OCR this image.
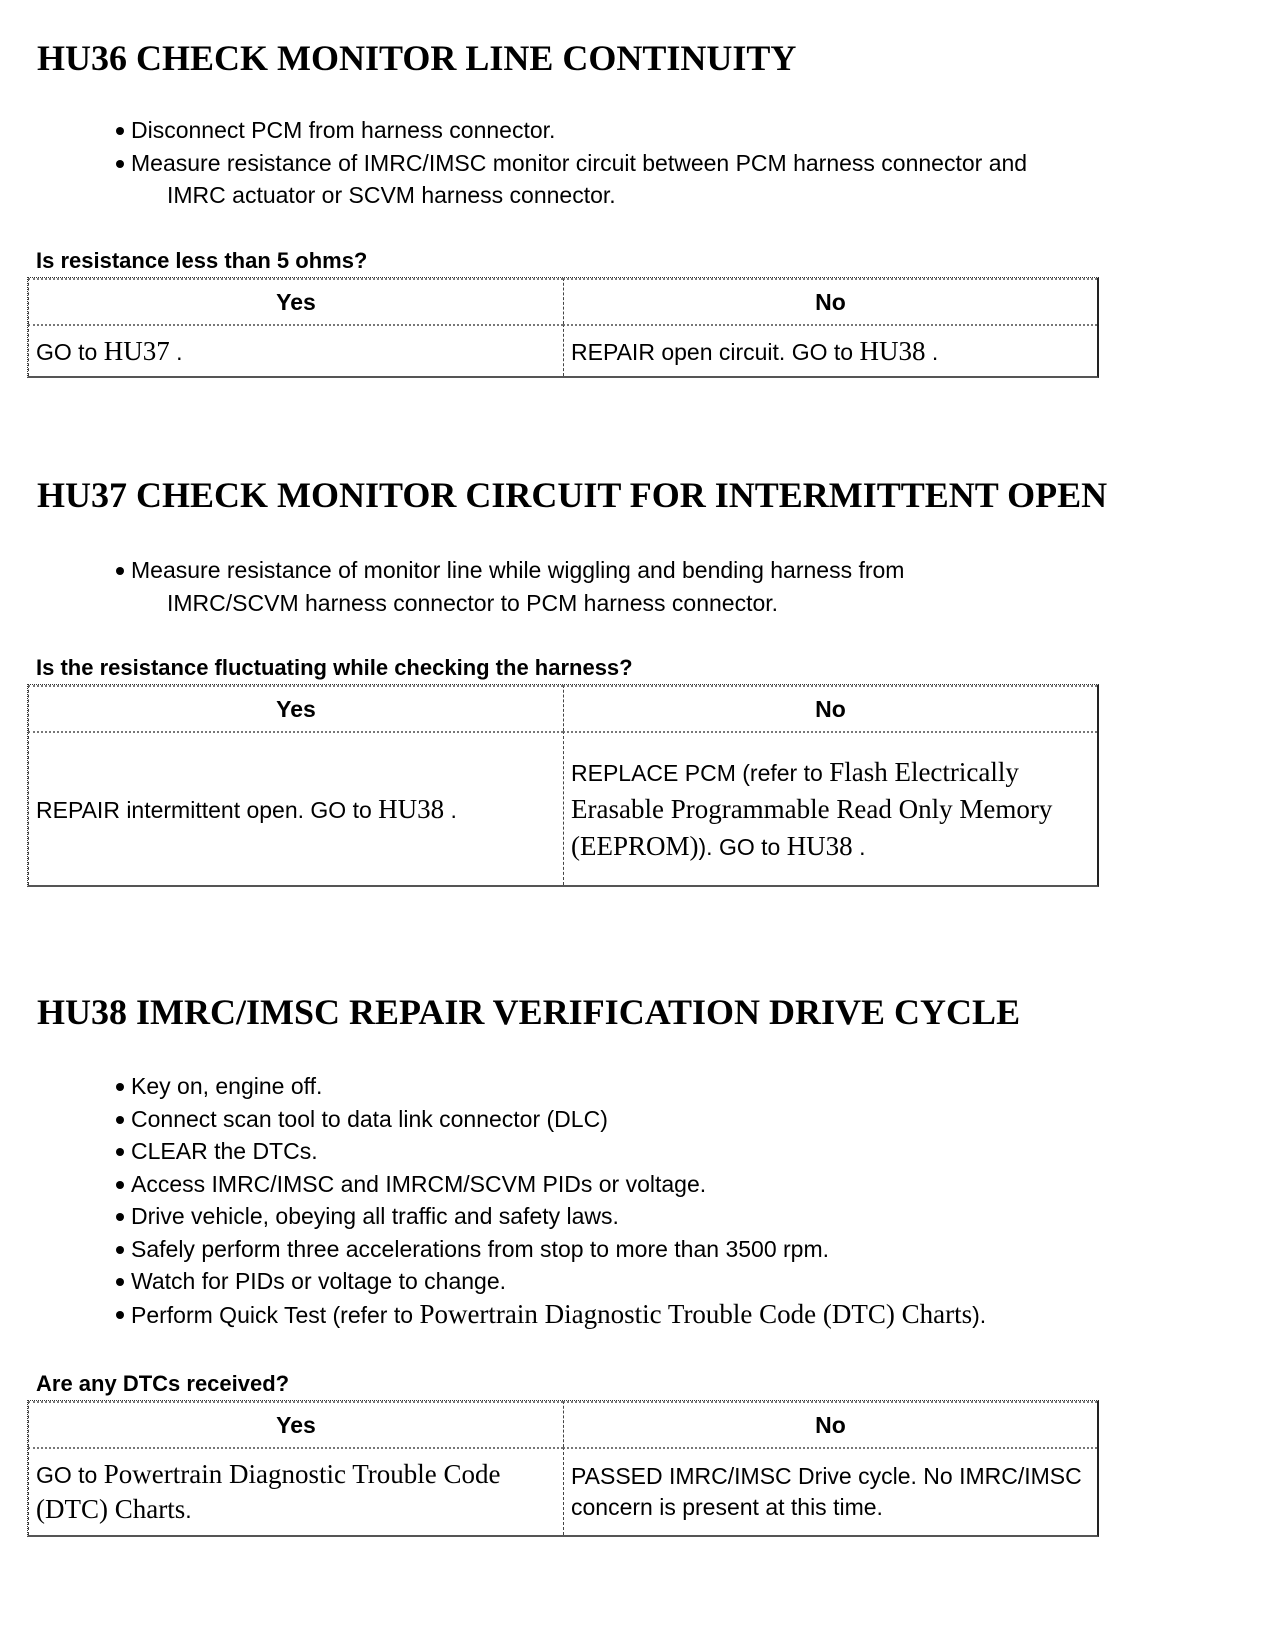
HU36 CHECK MONITOR LINE CONTINUITY
Disconnect PCM from harness connector.
Measure resistance of IMRC/IMSC monitor circuit between PCM harness connector and
IMRC actuator or SCVM harness connector.

Is resistance less than 5 ohms?

Yes	No
GO to HU37 .	REPAIR open circuit. GO to HU38 .
HU37 CHECK MONITOR CIRCUIT FOR INTERMITTENT OPEN
Measure resistance of monitor line while wiggling and bending harness from
IMRC/SCVM harness connector to PCM harness connector.

Is the resistance fluctuating while checking the harness?

Yes	No
REPAIR intermittent open. GO to HU38 .	REPLACE PCM (refer to Flash Electrically Erasable Programmable Read Only Memory (EEPROM)). GO to HU38 .
HU38 IMRC/IMSC REPAIR VERIFICATION DRIVE CYCLE
Key on, engine off.
Connect scan tool to data link connector (DLC)
CLEAR the DTCs.
Access IMRC/IMSC and IMRCM/SCVM PIDs or voltage.
Drive vehicle, obeying all traffic and safety laws.
Safely perform three accelerations from stop to more than 3500 rpm.
Watch for PIDs or voltage to change.
Perform Quick Test (refer to Powertrain Diagnostic Trouble Code (DTC) Charts).

Are any DTCs received?

Yes	No
GO to Powertrain Diagnostic Trouble Code (DTC) Charts.	PASSED IMRC/IMSC Drive cycle. No IMRC/IMSC concern is present at this time.
